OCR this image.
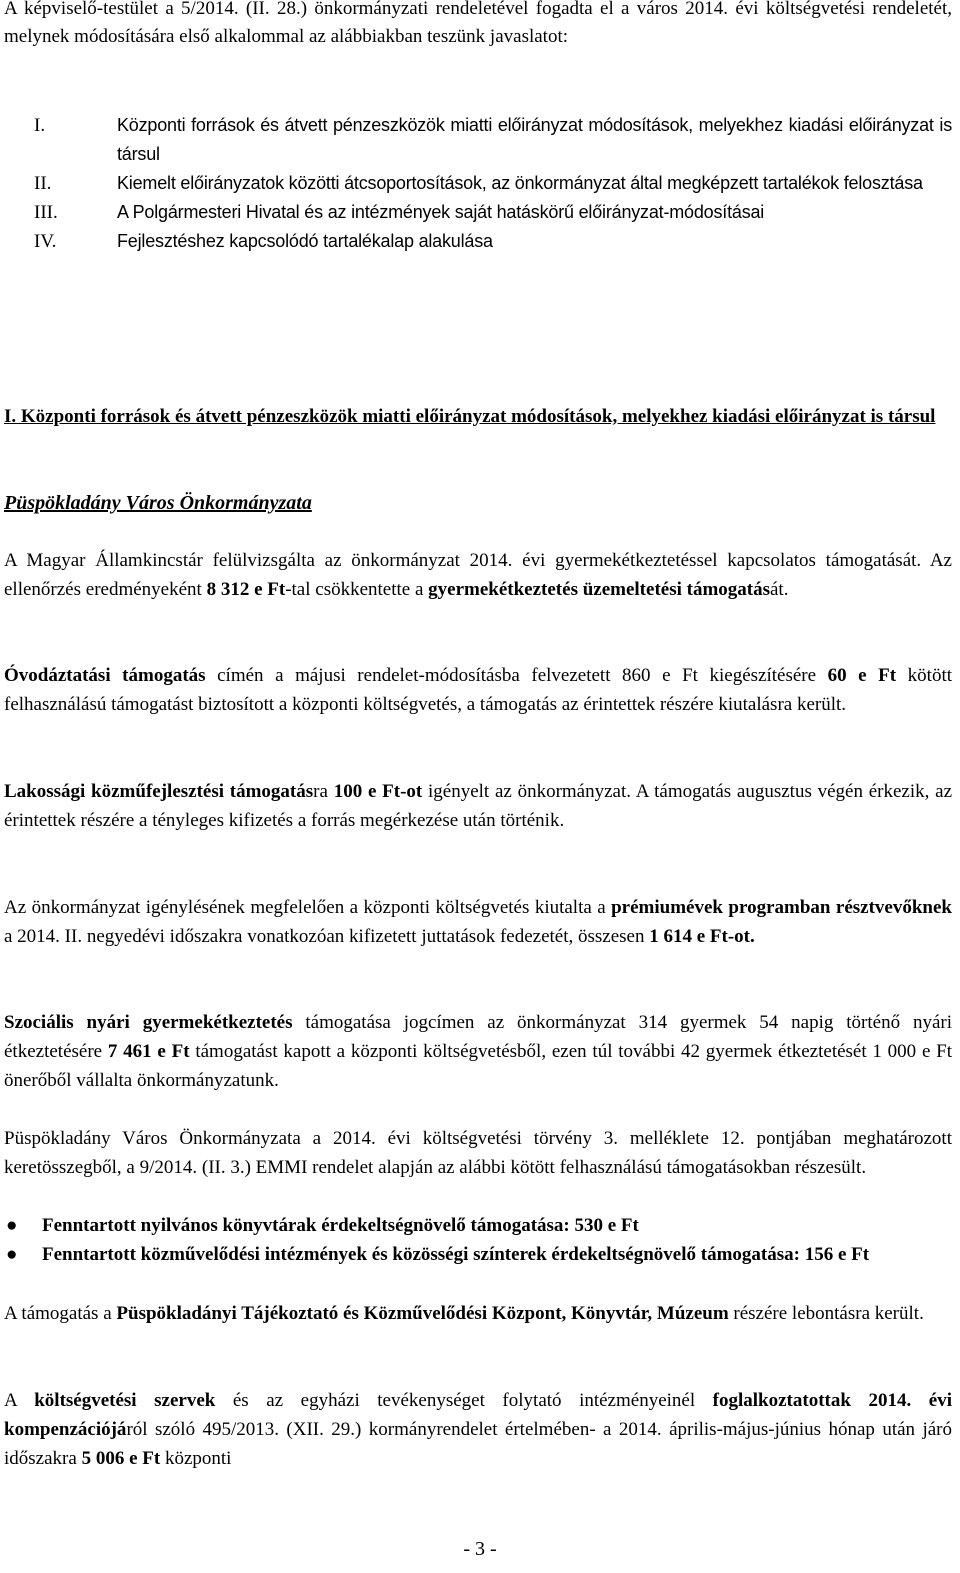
A képviselő-testület a 5/2014. (II. 28.) önkormányzati rendeletével fogadta el a város 2014. évi költségvetési rendeletét, melynek módosítására első alkalommal az alábbiakban teszünk javaslatot:

I.	Központi források és átvett pénzeszközök miatti előirányzat módosítások, melyekhez kiadási előirányzat is társul
II.	Kiemelt előirányzatok közötti átcsoportosítások, az önkormányzat által megképzett tartalékok felosztása
III.	A Polgármesteri Hivatal és az intézmények saját hatáskörű előirányzat-módosításai
IV.	Fejlesztéshez kapcsolódó tartalékalap alakulása

I. Központi források és átvett pénzeszközök miatti előirányzat módosítások, melyekhez kiadási előirányzat is társul

Püspökladány Város Önkormányzata

A Magyar Államkincstár felülvizsgálta az önkormányzat 2014. évi gyermekétkeztetéssel kapcsolatos támogatását. Az ellenőrzés eredményeként 8 312 e Ft-tal csökkentette a gyermekétkeztetés üzemeltetési támogatását.

Óvodáztatási támogatás címén a májusi rendelet-módosításba felvezetett 860 e Ft kiegészítésére 60 e Ft kötött felhasználású támogatást biztosított a központi költségvetés, a támogatás az érintettek részére kiutalásra került.

Lakossági közműfejlesztési támogatásra 100 e Ft-ot igényelt az önkormányzat. A támogatás augusztus végén érkezik, az érintettek részére a tényleges kifizetés a forrás megérkezése után történik.

Az önkormányzat igénylésének megfelelően a központi költségvetés kiutalta a prémiumévek programban résztvevőknek a 2014. II. negyedévi időszakra vonatkozóan kifizetett juttatások fedezetét, összesen 1 614 e Ft-ot.

Szociális nyári gyermekétkeztetés támogatása jogcímen az önkormányzat 314 gyermek 54 napig történő nyári étkeztetésére 7 461 e Ft támogatást kapott a központi költségvetésből, ezen túl további 42 gyermek étkeztetését 1 000 e Ft önerőből vállalta önkormányzatunk.

Püspökladány Város Önkormányzata a 2014. évi költségvetési törvény 3. melléklete 12. pontjában meghatározott keretösszegből, a 9/2014. (II. 3.) EMMI rendelet alapján az alábbi kötött felhasználású támogatásokban részesült.

● Fenntartott nyilvános könyvtárak érdekeltségnövelő támogatása: 530 e Ft
● Fenntartott közművelődési intézmények és közösségi színterek érdekeltségnövelő támogatása: 156 e Ft

A támogatás a Püspökladányi Tájékoztató és Közművelődési Központ, Könyvtár, Múzeum részére lebontásra került.

A költségvetési szervek és az egyházi tevékenységet folytató intézményeinél foglalkoztatottak 2014. évi kompenzációjáról szóló 495/2013. (XII. 29.) kormányrendelet értelmében- a 2014. április-május-június hónap után járó időszakra 5 006 e Ft központi

- 3 -
